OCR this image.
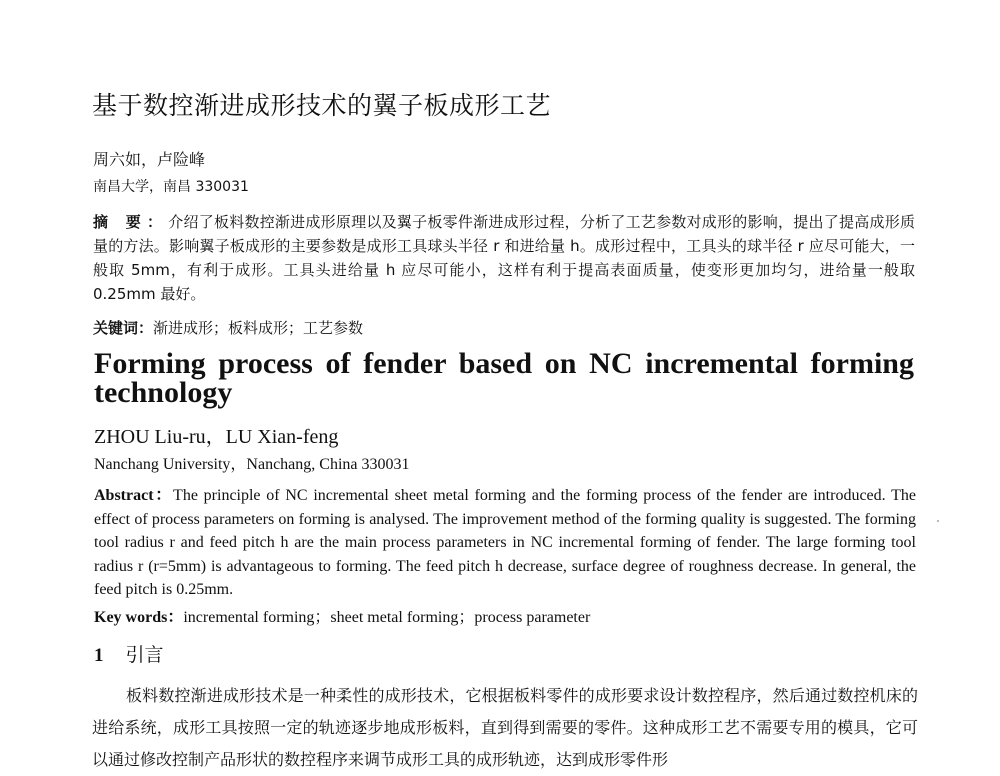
基于数控渐进成形技术的翼子板成形工艺
周六如，卢险峰
南昌大学，南昌 330031
摘 要：介绍了板料数控渐进成形原理以及翼子板零件渐进成形过程，分析了工艺参数对成形的影响，提出了提高成形质量的方法。影响翼子板成形的主要参数是成形工具球头半径 r 和进给量 h。成形过程中，工具头的球半径 r 应尽可能大，一般取 5mm，有利于成形。工具头进给量 h 应尽可能小，这样有利于提高表面质量，使变形更加均匀，进给量一般取 0.25mm 最好。
关键词：渐进成形；板料成形；工艺参数
Forming process of fender based on NC incremental forming
technology
ZHOU Liu-ru，LU Xian-feng
Nanchang University，Nanchang, China 330031
Abstract：The principle of NC incremental sheet metal forming and the forming process of the fender are introduced. The effect of process parameters on forming is analysed. The improvement method of the forming quality is suggested. The forming tool radius r and feed pitch h are the main process parameters in NC incremental forming of fender. The large forming tool radius r (r=5mm) is advantageous to forming. The feed pitch h decrease, surface degree of roughness decrease. In general, the feed pitch is 0.25mm.
Key words：incremental forming；sheet metal forming；process parameter
1 引言
板料数控渐进成形技术是一种柔性的成形技术，它根据板料零件的成形要求设计数控程序，然后通过数控机床的进给系统，成形工具按照一定的轨迹逐步地成形板料，直到得到需要的零件。这种成形工艺不需要专用的模具，它可以通过修改控制产品形状的数控程序来调节成形工具的成形轨迹，达到成形零件形
